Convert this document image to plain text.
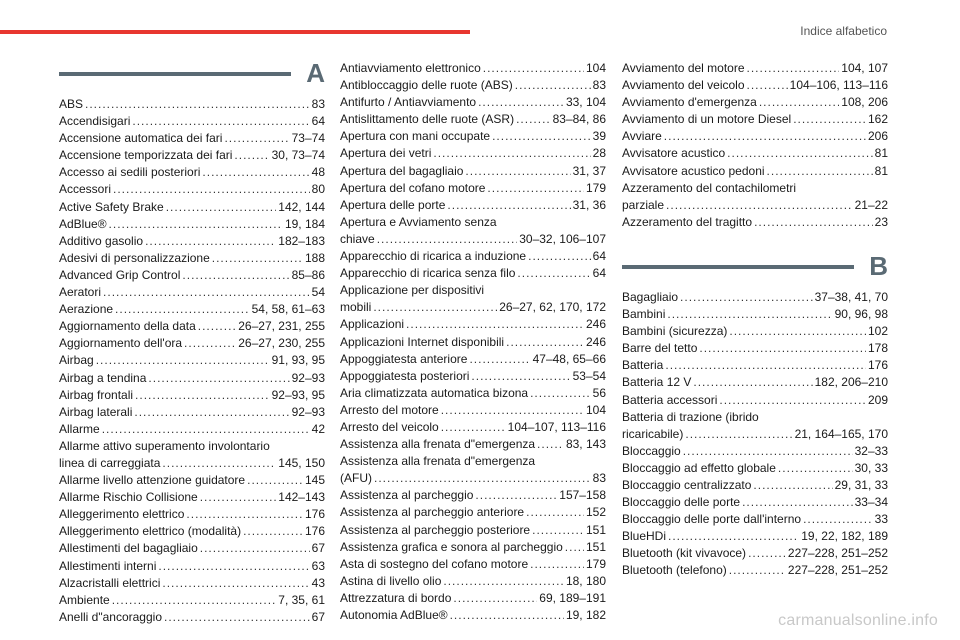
Indice alfabetico
A
ABS .....	83
Accendisigari .....	64
Accensione automatica dei fari .....	73–74
Accensione temporizzata dei fari .....	30, 73–74
Accesso ai sedili posteriori .....	48
Accessori .....	80
Active Safety Brake .....	142, 144
AdBlue® .....	19, 184
Additivo gasolio .....	182–183
Adesivi di personalizzazione .....	188
Advanced Grip Control .....	85–86
Aeratori .....	54
Aerazione .....	54, 58, 61–63
Aggiornamento della data .....	26–27, 231, 255
Aggiornamento dell'ora .....	26–27, 230, 255
Airbag .....	91, 93, 95
Airbag a tendina .....	92–93
Airbag frontali .....	92–93, 95
Airbag laterali .....	92–93
Allarme .....	42
Allarme attivo superamento involontario
linea di carreggiata .....	145, 150
Allarme livello attenzione guidatore .....	145
Allarme Rischio Collisione .....	142–143
Alleggerimento elettrico .....	176
Alleggerimento elettrico (modalità) .....	176
Allestimenti del bagagliaio .....	67
Allestimenti interni .....	63
Alzacristalli elettrici .....	43
Ambiente .....	7, 35, 61
Anelli d"ancoraggio .....	67
Antiavviamento elettronico .....	104
Antibloccaggio delle ruote (ABS) .....	83
Antifurto / Antiavviamento .....	33, 104
Antislittamento delle ruote (ASR) .....	83–84, 86
Apertura con mani occupate .....	39
Apertura dei vetri .....	28
Apertura del bagagliaio .....	31, 37
Apertura del cofano motore .....	179
Apertura delle porte .....	31, 36
Apertura e Avviamento senza
chiave .....	30–32, 106–107
Apparecchio di ricarica a induzione .....	64
Apparecchio di ricarica senza filo .....	64
Applicazione per dispositivi
mobili .....	26–27, 62, 170, 172
Applicazioni .....	246
Applicazioni Internet disponibili .....	246
Appoggiatesta anteriore .....	47–48, 65–66
Appoggiatesta posteriori .....	53–54
Aria climatizzata automatica bizona .....	56
Arresto del motore .....	104
Arresto del veicolo .....	104–107, 113–116
Assistenza alla frenata d"emergenza .....	83, 143
Assistenza alla frenata d"emergenza
(AFU) .....	83
Assistenza al parcheggio .....	157–158
Assistenza al parcheggio anteriore .....	152
Assistenza al parcheggio posteriore .....	151
Assistenza grafica e sonora al parcheggio ..... 151
Asta di sostegno del cofano motore .....	179
Astina di livello olio .....	18, 180
Attrezzatura di bordo .....	69, 189–191
Autonomia AdBlue® .....	19, 182
Avviamento del motore .....	104, 107
Avviamento del veicolo .....	104–106, 113–116
Avviamento d'emergenza .....	108, 206
Avviamento di un motore Diesel .....	162
Avviare .....	206
Avvisatore acustico .....	81
Avvisatore acustico pedoni .....	81
Azzeramento del contachilometri
parziale .....	21–22
Azzeramento del tragitto .....	23
B
Bagagliaio .....	37–38, 41, 70
Bambini .....	90, 96, 98
Bambini (sicurezza) .....	102
Barre del tetto .....	178
Batteria .....	176
Batteria 12 V .....	182, 206–210
Batteria accessori .....	209
Batteria di trazione (ibrido
ricaricabile) .....	21, 164–165, 170
Bloccaggio .....	32–33
Bloccaggio ad effetto globale .....	30, 33
Bloccaggio centralizzato .....	29, 31, 33
Bloccaggio delle porte .....	33–34
Bloccaggio delle porte dall'interno .....	33
BlueHDi .....	19, 22, 182, 189
Bluetooth (kit vivavoce) .....	227–228, 251–252
Bluetooth (telefono) .....	227–228, 251–252
carmanualsonline.info
